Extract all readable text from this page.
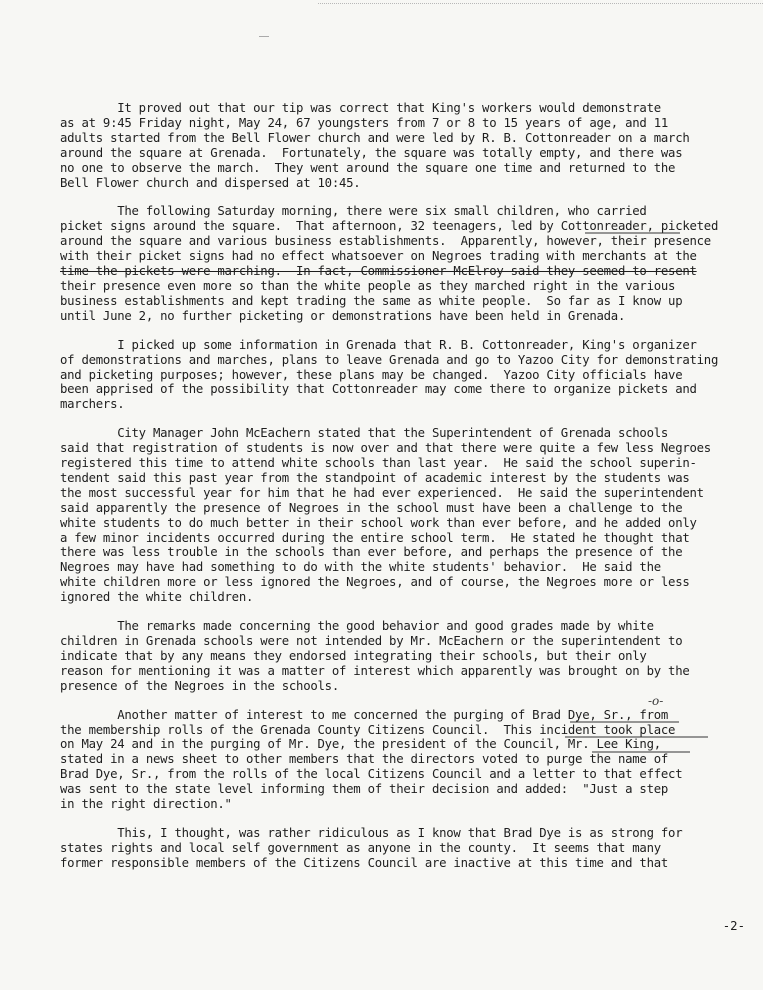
It proved out that our tip was correct that King's workers would demonstrate
as at 9:45 Friday night, May 24, 67 youngsters from 7 or 8 to 15 years of age, and 11
adults started from the Bell Flower church and were led by R. B. Cottonreader on a march
around the square at Grenada.  Fortunately, the square was totally empty, and there was
no one to observe the march.  They went around the square one time and returned to the
Bell Flower church and dispersed at 10:45.
The following Saturday morning, there were six small children, who carried
picket signs around the square.  That afternoon, 32 teenagers, led by Cottonreader, picketed
around the square and various business establishments.  Apparently, however, their presence
with their picket signs had no effect whatsoever on Negroes trading with merchants at the
time the pickets were marching.  In fact, Commissioner McElroy said they seemed to resent
their presence even more so than the white people as they marched right in the various
business establishments and kept trading the same as white people.  So far as I know up
until June 2, no further picketing or demonstrations have been held in Grenada.
I picked up some information in Grenada that R. B. Cottonreader, King's organizer
of demonstrations and marches, plans to leave Grenada and go to Yazoo City for demonstrating
and picketing purposes; however, these plans may be changed.  Yazoo City officials have
been apprised of the possibility that Cottonreader may come there to organize pickets and
marchers.
City Manager John McEachern stated that the Superintendent of Grenada schools
said that registration of students is now over and that there were quite a few less Negroes
registered this time to attend white schools than last year.  He said the school superin-
tendent said this past year from the standpoint of academic interest by the students was
the most successful year for him that he had ever experienced.  He said the superintendent
said apparently the presence of Negroes in the school must have been a challenge to the
white students to do much better in their school work than ever before, and he added only
a few minor incidents occurred during the entire school term.  He stated he thought that
there was less trouble in the schools than ever before, and perhaps the presence of the
Negroes may have had something to do with the white students' behavior.  He said the
white children more or less ignored the Negroes, and of course, the Negroes more or less
ignored the white children.
The remarks made concerning the good behavior and good grades made by white
children in Grenada schools were not intended by Mr. McEachern or the superintendent to
indicate that by any means they endorsed integrating their schools, but their only
reason for mentioning it was a matter of interest which apparently was brought on by the
presence of the Negroes in the schools.
Another matter of interest to me concerned the purging of Brad Dye, Sr., from
the membership rolls of the Grenada County Citizens Council.  This incident took place
on May 24 and in the purging of Mr. Dye, the president of the Council, Mr. Lee King,
stated in a news sheet to other members that the directors voted to purge the name of
Brad Dye, Sr., from the rolls of the local Citizens Council and a letter to that effect
was sent to the state level informing them of their decision and added:  "Just a step
in the right direction."
This, I thought, was rather ridiculous as I know that Brad Dye is as strong for
states rights and local self government as anyone in the county.  It seems that many
former responsible members of the Citizens Council are inactive at this time and that
-o-
-2-
